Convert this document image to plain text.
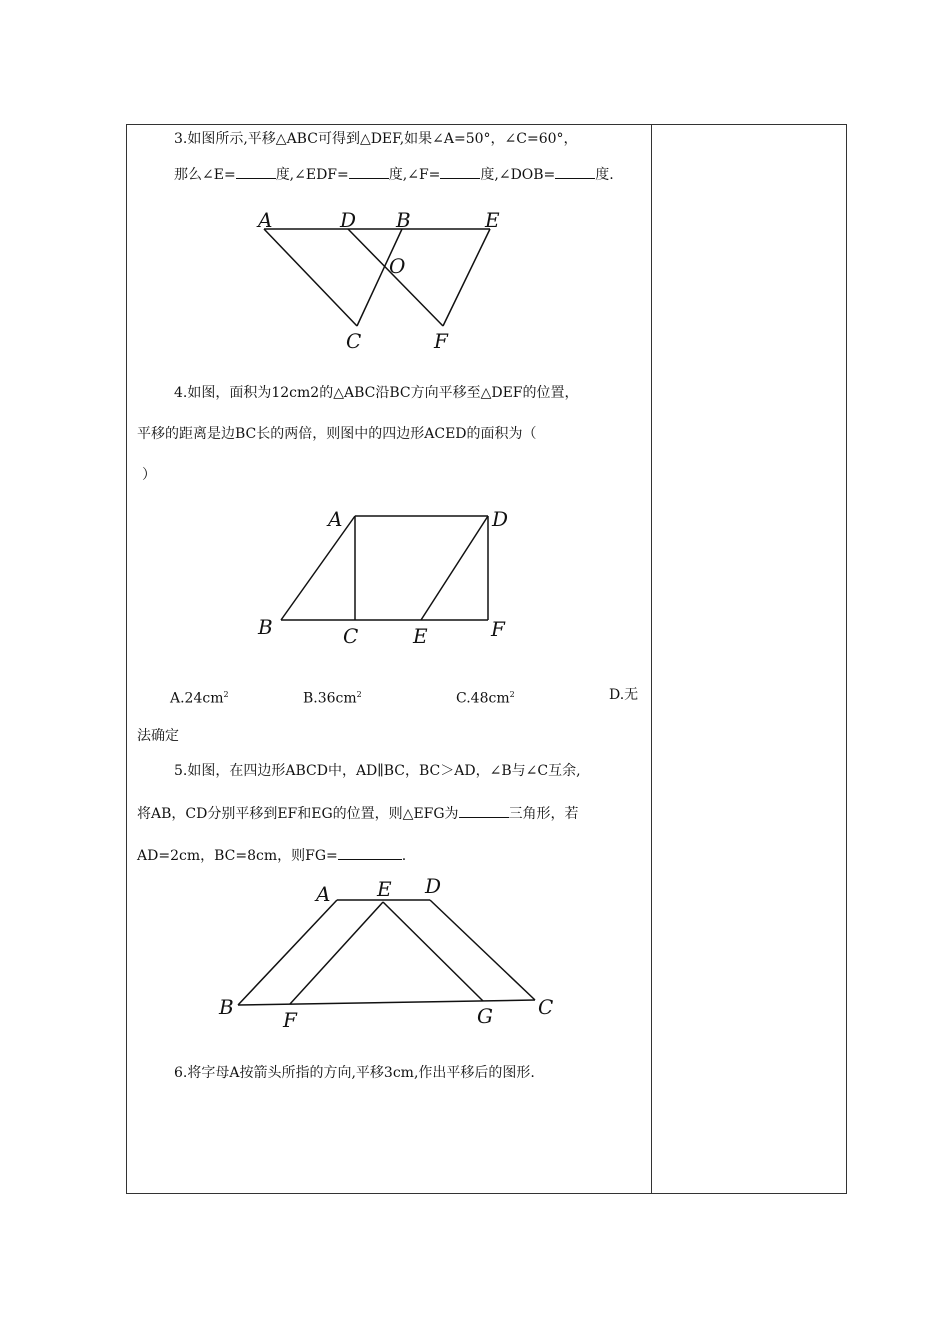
3.如图所示,平移△ABC可得到△DEF,如果∠A=50°，∠C=60°，
那么∠E=	度,∠EDF=	度,∠F=	度,∠DOB=	度.
A	D B	E
O
C	F
A	D
B	C	E	F
A E D
B
F	G C
4.如图，面积为12cm2的△ABC沿BC方向平移至△DEF的位置，
平移的距离是边BC长的两倍，则图中的四边形ACED的面积为（
）
$A.24cm^2$	$B.36cm^2$	$C.48cm^2$	D.无
法确定
5.如图，在四边形ABCD中，AD∥BC，BC＞AD，∠B与∠C互余,
将AB，CD分别平移到EF和EG的位置，则△EFG为	三角形，若
AD=2cm，BC=8cm，则FG=	.
6.将字母A按箭头所指的方向,平移3cm,作出平移后的图形.
